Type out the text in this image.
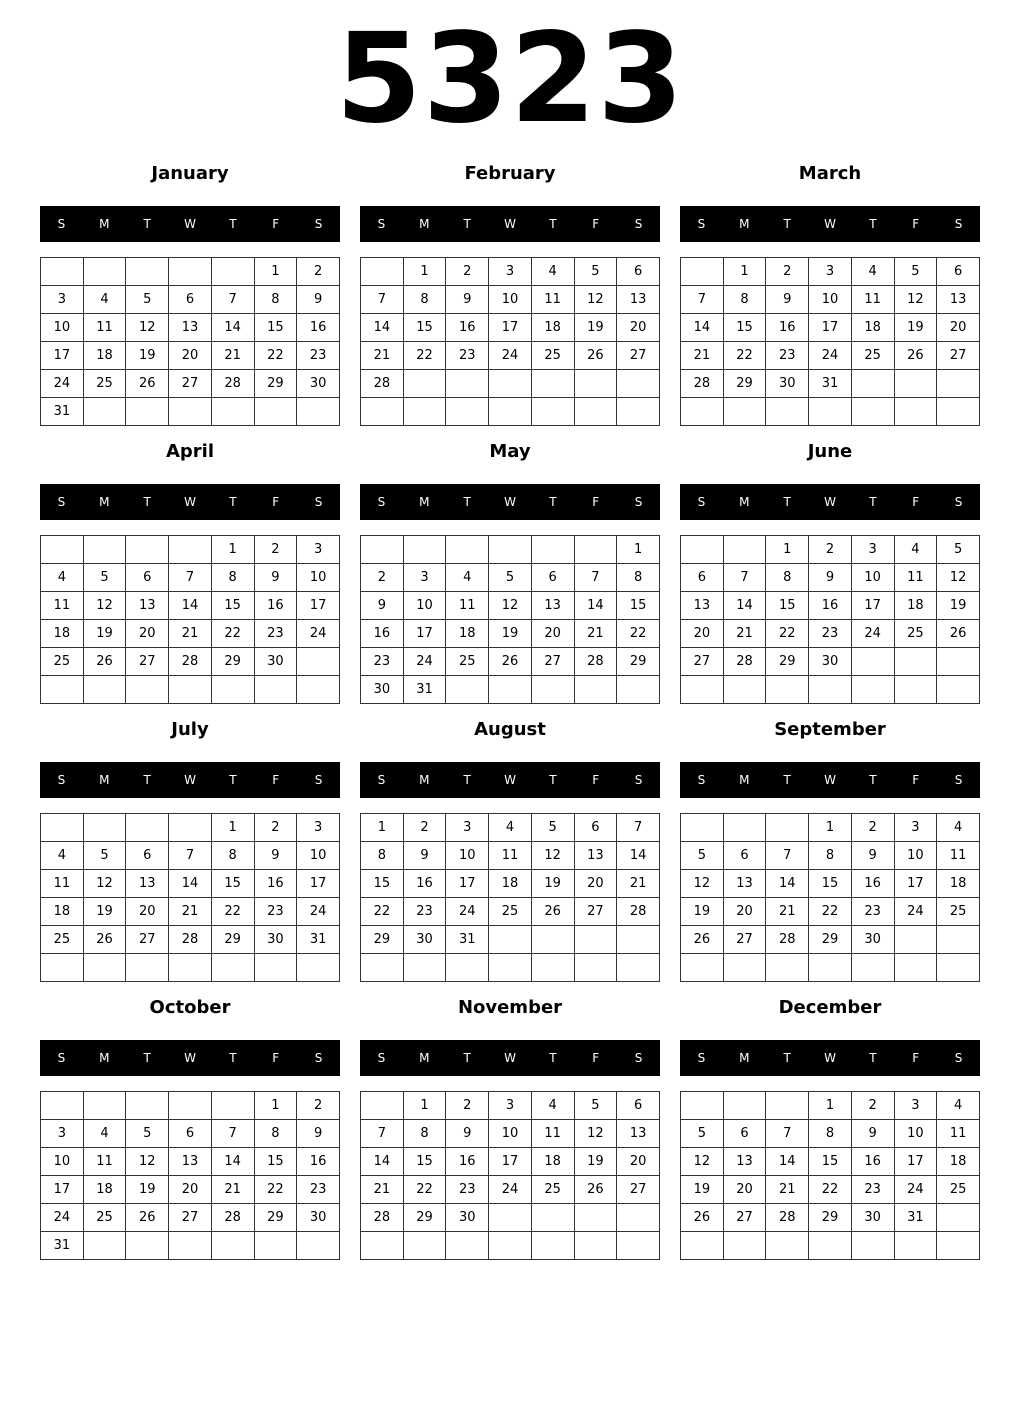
5323
January
S	M	T	W	T	F	S
					1	2
3	4	5	6	7	8	9
10	11	12	13	14	15	16
17	18	19	20	21	22	23
24	25	26	27	28	29	30
31						
February
S	M	T	W	T	F	S
	1	2	3	4	5	6
7	8	9	10	11	12	13
14	15	16	17	18	19	20
21	22	23	24	25	26	27
28						

March
S	M	T	W	T	F	S
	1	2	3	4	5	6
7	8	9	10	11	12	13
14	15	16	17	18	19	20
21	22	23	24	25	26	27
28	29	30	31			

April
S	M	T	W	T	F	S
				1	2	3
4	5	6	7	8	9	10
11	12	13	14	15	16	17
18	19	20	21	22	23	24
25	26	27	28	29	30	

May
S	M	T	W	T	F	S
						1
2	3	4	5	6	7	8
9	10	11	12	13	14	15
16	17	18	19	20	21	22
23	24	25	26	27	28	29
30	31					
June
S	M	T	W	T	F	S
		1	2	3	4	5
6	7	8	9	10	11	12
13	14	15	16	17	18	19
20	21	22	23	24	25	26
27	28	29	30			

July
S	M	T	W	T	F	S
				1	2	3
4	5	6	7	8	9	10
11	12	13	14	15	16	17
18	19	20	21	22	23	24
25	26	27	28	29	30	31

August
S	M	T	W	T	F	S
1	2	3	4	5	6	7
8	9	10	11	12	13	14
15	16	17	18	19	20	21
22	23	24	25	26	27	28
29	30	31				

September
S	M	T	W	T	F	S
			1	2	3	4
5	6	7	8	9	10	11
12	13	14	15	16	17	18
19	20	21	22	23	24	25
26	27	28	29	30		

October
S	M	T	W	T	F	S
					1	2
3	4	5	6	7	8	9
10	11	12	13	14	15	16
17	18	19	20	21	22	23
24	25	26	27	28	29	30
31						
November
S	M	T	W	T	F	S
	1	2	3	4	5	6
7	8	9	10	11	12	13
14	15	16	17	18	19	20
21	22	23	24	25	26	27
28	29	30				

December
S	M	T	W	T	F	S
			1	2	3	4
5	6	7	8	9	10	11
12	13	14	15	16	17	18
19	20	21	22	23	24	25
26	27	28	29	30	31	
